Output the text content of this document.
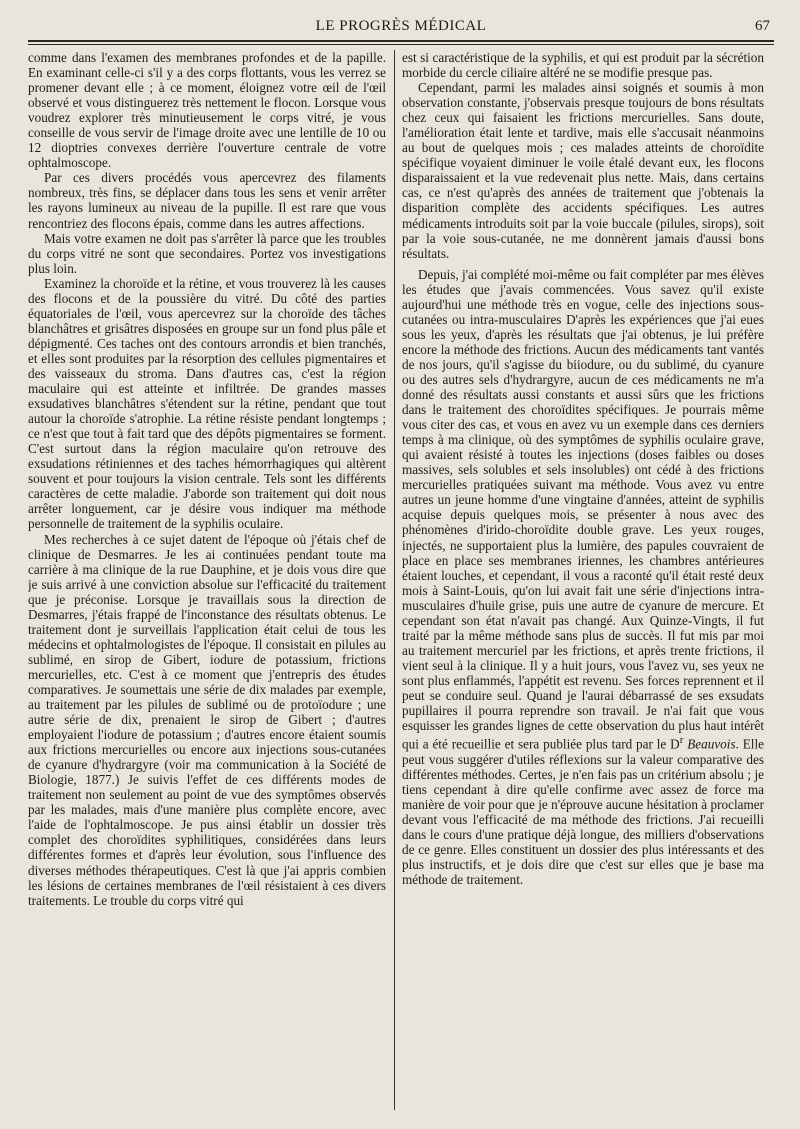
LE PROGRÈS MÉDICAL	67

comme dans l'examen des membranes profondes et de la papille. En examinant celle-ci s'il y a des corps flottants, vous les verrez se promener devant elle ; à ce moment, éloignez votre œil de l'œil observé et vous distinguerez très nettement le flocon. Lorsque vous voudrez explorer très minutieusement le corps vitré, je vous conseille de vous servir de l'image droite avec une lentille de 10 ou 12 dioptries convexes derrière l'ouverture centrale de votre ophtalmoscope.

Par ces divers procédés vous apercevrez des filaments nombreux, très fins, se déplacer dans tous les sens et venir arrêter les rayons lumineux au niveau de la pupille. Il est rare que vous rencontriez des flocons épais, comme dans les autres affections.

Mais votre examen ne doit pas s'arrêter là parce que les troubles du corps vitré ne sont que secondaires. Portez vos investigations plus loin.

Examinez la choroïde et la rétine, et vous trouverez là les causes des flocons et de la poussière du vitré. Du côté des parties équatoriales de l'œil, vous apercevrez sur la choroïde des tâches blanchâtres et grisâtres disposées en groupe sur un fond plus pâle et dépigmenté. Ces taches ont des contours arrondis et bien tranchés, et elles sont produites par la résorption des cellules pigmentaires et des vaisseaux du stroma. Dans d'autres cas, c'est la région maculaire qui est atteinte et infiltrée. De grandes masses exsudatives blanchâtres s'étendent sur la rétine, pendant que tout autour la choroïde s'atrophie. La rétine résiste pendant longtemps ; ce n'est que tout à fait tard que des dépôts pigmentaires se forment. C'est surtout dans la région maculaire qu'on retrouve des exsudations rétiniennes et des taches hémorrhagiques qui altèrent souvent et pour toujours la vision centrale. Tels sont les différents caractères de cette maladie. J'aborde son traitement qui doit nous arrêter longuement, car je désire vous indiquer ma méthode personnelle de traitement de la syphilis oculaire.

Mes recherches à ce sujet datent de l'époque où j'étais chef de clinique de Desmarres. Je les ai continuées pendant toute ma carrière à ma clinique de la rue Dauphine, et je dois vous dire que je suis arrivé à une conviction absolue sur l'efficacité du traitement que je préconise. Lorsque je travaillais sous la direction de Desmarres, j'étais frappé de l'inconstance des résultats obtenus. Le traitement dont je surveillais l'application était celui de tous les médecins et ophtalmologistes de l'époque. Il consistait en pilules au sublimé, en sirop de Gibert, iodure de potassium, frictions mercurielles, etc. C'est à ce moment que j'entrepris des études comparatives. Je soumettais une série de dix malades par exemple, au traitement par les pilules de sublimé ou de protoïodure ; une autre série de dix, prenaient le sirop de Gibert ; d'autres employaient l'iodure de potassium ; d'autres encore étaient soumis aux frictions mercurielles ou encore aux injections sous-cutanées de cyanure d'hydrargyre (voir ma communication à la Société de Biologie, 1877.) Je suivis l'effet de ces différents modes de traitement non seulement au point de vue des symptômes observés par les malades, mais d'une manière plus complète encore, avec l'aide de l'ophtalmoscope. Je pus ainsi établir un dossier très complet des choroïdites syphilitiques, considérées dans leurs différentes formes et d'après leur évolution, sous l'influence des diverses méthodes thérapeutiques. C'est là que j'ai appris combien les lésions de certaines membranes de l'œil résistaient à ces divers traitements. Le trouble du corps vitré qui

est si caractéristique de la syphilis, et qui est produit par la sécrétion morbide du cercle ciliaire altéré ne se modifie presque pas.

Cependant, parmi les malades ainsi soignés et soumis à mon observation constante, j'observais presque toujours de bons résultats chez ceux qui faisaient les frictions mercurielles. Sans doute, l'amélioration était lente et tardive, mais elle s'accusait néanmoins au bout de quelques mois ; ces malades atteints de choroïdite spécifique voyaient diminuer le voile étalé devant eux, les flocons disparaissaient et la vue redevenait plus nette. Mais, dans certains cas, ce n'est qu'après des années de traitement que j'obtenais la disparition complète des accidents spécifiques. Les autres médicaments introduits soit par la voie buccale (pilules, sirops), soit par la voie sous-cutanée, ne me donnèrent jamais d'aussi bons résultats.

Depuis, j'ai complété moi-même ou fait compléter par mes élèves les études que j'avais commencées. Vous savez qu'il existe aujourd'hui une méthode très en vogue, celle des injections sous-cutanées ou intra-musculaires D'après les expériences que j'ai eues sous les yeux, d'après les résultats que j'ai obtenus, je lui préfère encore la méthode des frictions. Aucun des médicaments tant vantés de nos jours, qu'il s'agisse du biiodure, ou du sublimé, du cyanure ou des autres sels d'hydrargyre, aucun de ces médicaments ne m'a donné des résultats aussi constants et aussi sûrs que les frictions dans le traitement des choroïdites spécifiques. Je pourrais même vous citer des cas, et vous en avez vu un exemple dans ces derniers temps à ma clinique, où des symptômes de syphilis oculaire grave, qui avaient résisté à toutes les injections (doses faibles ou doses massives, sels solubles et sels insolubles) ont cédé à des frictions mercurielles pratiquées suivant ma méthode. Vous avez vu entre autres un jeune homme d'une vingtaine d'années, atteint de syphilis acquise depuis quelques mois, se présenter à nous avec des phénomènes d'irido-choroïdite double grave. Les yeux rouges, injectés, ne supportaient plus la lumière, des papules couvraient de place en place ses membranes iriennes, les chambres antérieures étaient louches, et cependant, il vous a raconté qu'il était resté deux mois à Saint-Louis, qu'on lui avait fait une série d'injections intra-musculaires d'huile grise, puis une autre de cyanure de mercure. Et cependant son état n'avait pas changé. Aux Quinze-Vingts, il fut traité par la même méthode sans plus de succès. Il fut mis par moi au traitement mercuriel par les frictions, et après trente frictions, il vient seul à la clinique. Il y a huit jours, vous l'avez vu, ses yeux ne sont plus enflammés, l'appétit est revenu. Ses forces reprennent et il peut se conduire seul. Quand je l'aurai débarrassé de ses exsudats pupillaires il pourra reprendre son travail. Je n'ai fait que vous esquisser les grandes lignes de cette observation du plus haut intérêt qui a été recueillie et sera publiée plus tard par le $D^r$ Beauvois. Elle peut vous suggérer d'utiles réflexions sur la valeur comparative des différentes méthodes. Certes, je n'en fais pas un critérium absolu ; je tiens cependant à dire qu'elle confirme avec assez de force ma manière de voir pour que je n'éprouve aucune hésitation à proclamer devant vous l'efficacité de ma méthode des frictions. J'ai recueilli dans le cours d'une pratique déjà longue, des milliers d'observations de ce genre. Elles constituent un dossier des plus intéressants et des plus instructifs, et je dois dire que c'est sur elles que je base ma méthode de traitement.
